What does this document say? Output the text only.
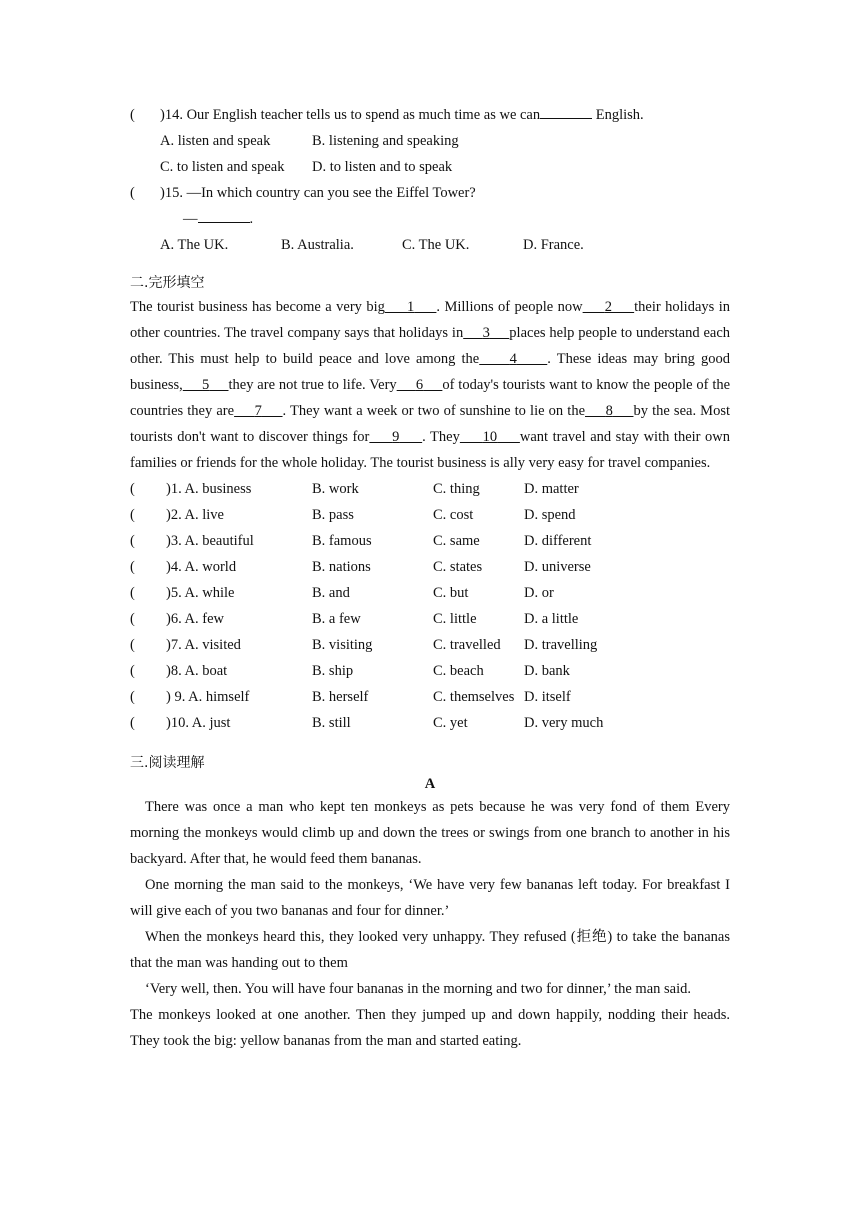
( )14. Our English teacher tells us to spend as much time as we can	English.
A. listen and speak	B. listening and speaking
C. to listen and speak D. to listen and to speak
( )15. —In which country can you see the Eiffel Tower?
—	.
A. The UK.	B. Australia.	C. The UK.	D. France.
二.完形填空
The tourist business has become a very big 1 . Millions of people now 2 their holidays in other countries. The travel company says that holidays in 3 places help people to understand each other. This must help to build peace and love among the 4 . These ideas may bring good business, 5 they are not true to life. Very 6 of today's tourists want to know the people of the countries they are 7 . They want a week or two of sunshine to lie on the 8 by the sea. Most tourists don't want to discover things for 9 . They 10 want travel and stay with their own families or friends for the whole holiday. The tourist business is ally very easy for travel companies.
(	)1. A. business	B. work	C. thing	D. matter
(	)2. A. live	B. pass	C. cost	D. spend
(	)3. A. beautiful	B. famous	C. same	D. different
(	)4. A. world	B. nations	C. states	D. universe
(	)5. A. while	B. and	C. but	D. or
(	)6. A. few	B. a few	C. little	D. a little
(	)7. A. visited	B. visiting	C. travelled	D. travelling
(	)8. A. boat	B. ship	C. beach	D. bank
(	) 9. A. himself	B. herself	C. themselves D. itself
(	)10. A. just	B. still	C. yet	D. very much
三.阅读理解
A
There was once a man who kept ten monkeys as pets because he was very fond of them Every morning the monkeys would climb up and down the trees or swings from one branch to another in his backyard. After that, he would feed them bananas.
One morning the man said to the monkeys, ‘We have very few bananas left today. For breakfast I will give each of you two bananas and four for dinner.’
When the monkeys heard this, they looked very unhappy. They refused (拒绝) to take the bananas that the man was handing out to them
‘Very well, then. You will have four bananas in the morning and two for dinner,’ the man said.
The monkeys looked at one another. Then they jumped up and down happily, nodding their heads. They took the big: yellow bananas from the man and started eating.
